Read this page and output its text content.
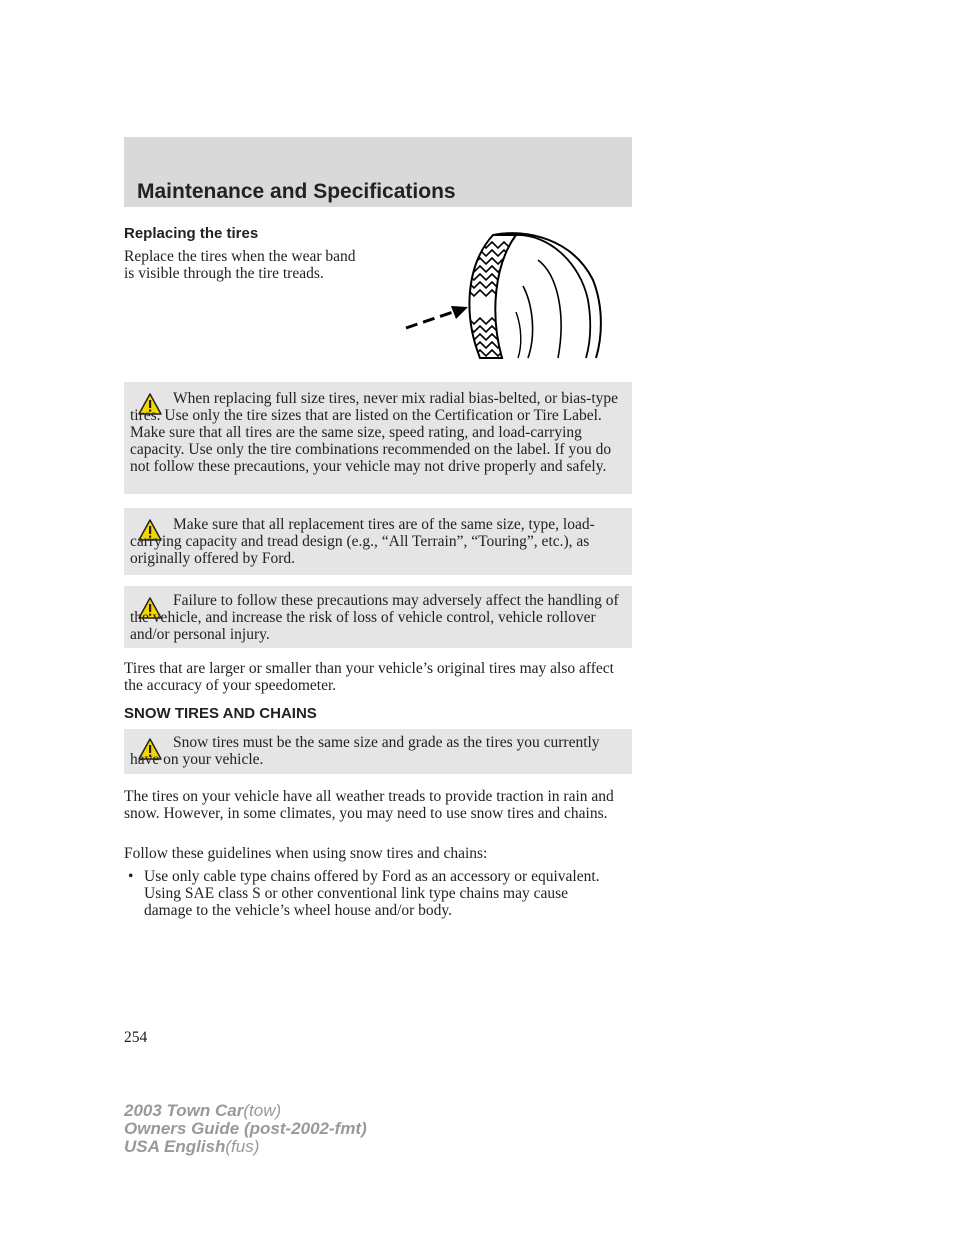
Maintenance and Specifications
Replacing the tires

Replace the tires when the wear band is visible through the tire treads.

When replacing full size tires, never mix radial bias-belted, or bias-type tires. Use only the tire sizes that are listed on the Certification or Tire Label. Make sure that all tires are the same size, speed rating, and load-carrying capacity. Use only the tire combinations recommended on the label. If you do not follow these precautions, your vehicle may not drive properly and safely.

Make sure that all replacement tires are of the same size, type, load-carrying capacity and tread design (e.g., “All Terrain”, “Touring”, etc.), as originally offered by Ford.

Failure to follow these precautions may adversely affect the handling of the vehicle, and increase the risk of loss of vehicle control, vehicle rollover and/or personal injury.

Tires that are larger or smaller than your vehicle’s original tires may also affect the accuracy of your speedometer.

SNOW TIRES AND CHAINS

Snow tires must be the same size and grade as the tires you currently have on your vehicle.

The tires on your vehicle have all weather treads to provide traction in rain and snow. However, in some climates, you may need to use snow tires and chains.

Follow these guidelines when using snow tires and chains:

• Use only cable type chains offered by Ford as an accessory or equivalent. Using SAE class S or other conventional link type chains may cause damage to the vehicle’s wheel house and/or body.

254

2003 Town Car(tow)
Owners Guide (post-2002-fmt)
USA English(fus)
